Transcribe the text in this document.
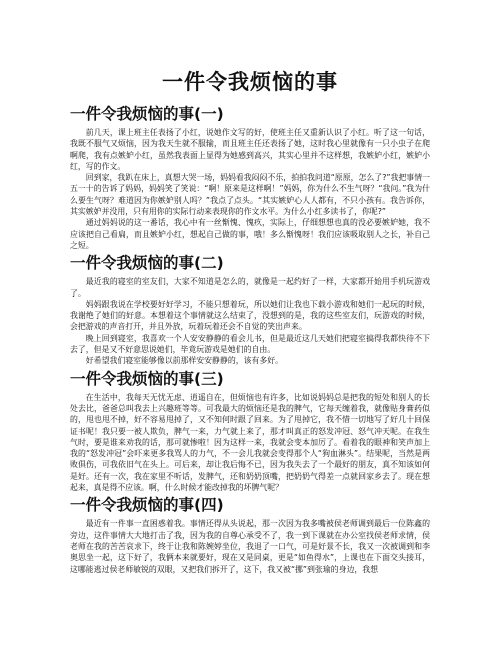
一件令我烦恼的事
一件令我烦恼的事(一)

前几天，课上班主任表扬了小红，说她作文写的好，使班主任又重新认识了小红。听了这一句话，我既不服气又烦恼，因为我天生就不服输，而且班主任还表扬了她，这时我心里就像有一只小虫子在爬啊爬，我有点嫉妒小红，虽然我表面上显得为她感到高兴，其实心里并不这样想，我嫉妒小红，嫉妒小红，写的作文。

回到家，我趴在床上，真想大哭一场，妈妈看我闷闷不乐，拍拍我问道“原原，怎么了?”我把事情一五一十的告诉了妈妈，妈妈笑了笑说：“啊！原来是这样啊！”妈妈，你为什么不生气呀？“我问。”我为什么要生气呀？难道因为你嫉妒别人吗？”我点了点头。“其实嫉妒心人人都有，不只小孩有。我告诉你，其实嫉妒并没用，只有用你的实际行动来表现你的作文水平。为什么小红多读书了，你呢?”

通过妈妈说的这一番话，我心中有一丝惭愧、愧疚，实际上，仔细想想也真的没必要嫉妒她，我不应该把自己看扁，而且嫉妒小红，想起自己做的事，哦！多么惭愧呀！我们应该吸取别人之长，补自己之短。

一件令我烦恼的事(二)

最近我的寝室的室友们，大家不知道是怎么的，就像是一起约好了一样，大家都开始用手机玩游戏了。

妈妈跟我说在学校要好好学习，不能只想着玩，所以她们让我也下载小游戏和她们一起玩的时候，我谢绝了她们的好意。本想着这个事情就这么结束了，没想到的是，我的这些室友们，玩游戏的时候，会把游戏的声音打开，并且外放，玩着玩着还会不自觉的笑出声来。

晚上回到寝室，我喜欢一个人安安静静的看会儿书，但是最近这几天她们把寝室搞得我都快待不下去了，但是又不好意思说她们，毕竟玩游戏是她们的自由。

好希望我们寝室能够像以前那样安安静静的，该有多好。

一件令我烦恼的事(三)

在生活中，我每天无忧无虑、逍遥自在，但烦恼也有许多，比如说妈妈总是把我的短处和别人的长处去比，爸爸总叫我去上兴趣班等等。可我最大的烦恼还是我的脾气，它每天缠着我，就像贴身膏药似的，甩也甩不掉，好不容易甩掉了，又不知何时跟了回来。为了甩掉它，我不惜一切地写了好几十回保证书呢！我只要一被人欺负，脾气一来，力气就上来了，那才叫真正的怒发冲冠、怒气冲天呢。在我生气时，要是谁来劝我的话，那可就惨啦！因为这样一来，我就会变本加厉了。看着我的眼神和笑声加上我的“怒发冲冠”会吓来更多我骂人的力气，不一会儿我就会变得那个人“狗血淋头”。结果呢，当然是两败俱伤，可我依旧气在头上。可后来，却让我后悔不已，因为我失去了一个最好的朋友，真不知该如何是好。还有一次，我在家里不听话，发脾气，还和奶奶顶嘴，把奶奶气得差一点就回家乡去了。现在想起来，真是得不应该。啊，什么时候才能改掉我的坏脾气呢？

一件令我烦恼的事(四)

最近有一件事一直困惑着我。事情还得从头说起，那一次因为我多嘴被侯老师调到最后一位陈鑫的旁边，这件事情大大地打击了我，因为我的自尊心承受不了，我一到下课就在办公室找侯老师求情，侯老师在我的苦苦哀求下，终于让我和陈婉婷坐位，我退了一口气，可是好景不长，我又一次被调到和李奥思坐一起，这下好了，我俩本来就要好，现在又是同桌，更是“如鱼得水”，上课也在下面交头接耳，这哪能逃过侯老师敏锐的双眼，又把我们拆开了，这下，我又被“挪”到张瑜的身边，我想
